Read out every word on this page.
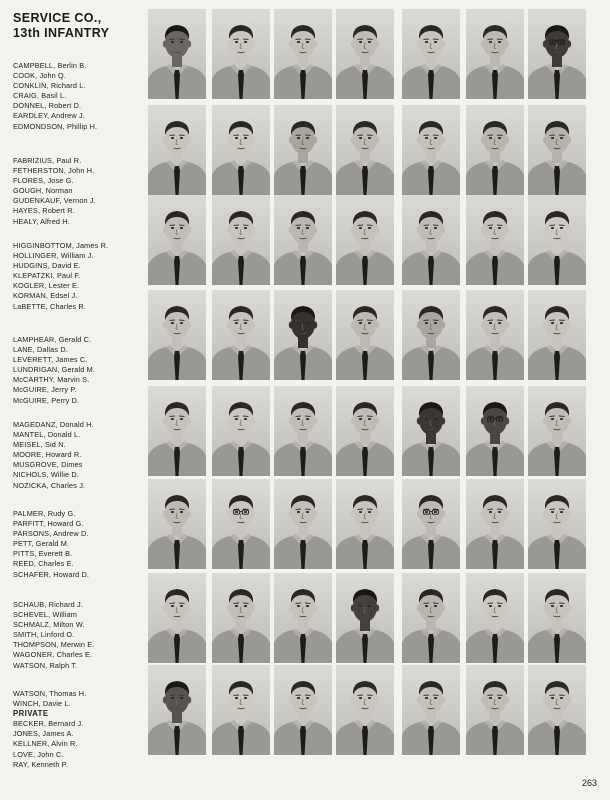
SERVICE CO.,
13th INFANTRY
CAMPBELL, Berlin B.
COOK, John Q.
CONKLIN, Richard L.
CRAIG, Basil L.
DONNEL, Robert D.
EARDLEY, Andrew J.
EDMONDSON, Phillip H.
FABRIZIUS, Paul R.
FETHERSTON, John H.
FLORES, Jose G.
GOUGH, Norman
GUDENKAUF, Vernon J.
HAYES, Robert R.
HEALY, Alfred H.
HIGGINBOTTOM, James R.
HOLLINGER, William J.
HUDGINS, David E.
KLEPATZKI, Paul F.
KOGLER, Lester E.
KORMAN, Edsel J.
LaBETTE, Charles R.
LAMPHEAR, Gerald C.
LANE, Dallas D.
LEVERETT, James C.
LUNDRIGAN, Gerald M.
McCARTHY, Marvin S.
McGUIRE, Jerry P.
McGUIRE, Perry D.
MAGEDANZ, Donald H.
MANTEL, Donald L.
MEISEL, Sid N.
MOORE, Howard R.
MUSGROVE, Dimes
NICHOLS, Willie D.
NOZICKA, Charles J.
PALMER, Rudy G.
PARFITT, Howard G.
PARSONS, Andrew D.
PETT, Gerald M.
PITTS, Everett B.
REED, Charles E.
SCHAFER, Howard D.
SCHAUB, Richard J.
SCHEVEL, William
SCHMALZ, Milton W.
SMITH, Linford O.
THOMPSON, Merwin E.
WAGONER, Charles E.
WATSON, Ralph T.
WATSON, Thomas H.
WINCH, Davie L.
PRIVATE
BECKER, Bernard J.
JONES, James A.
KELLNER, Alvin R.
LOVE, John C.
RAY, Kenneth P.
263
